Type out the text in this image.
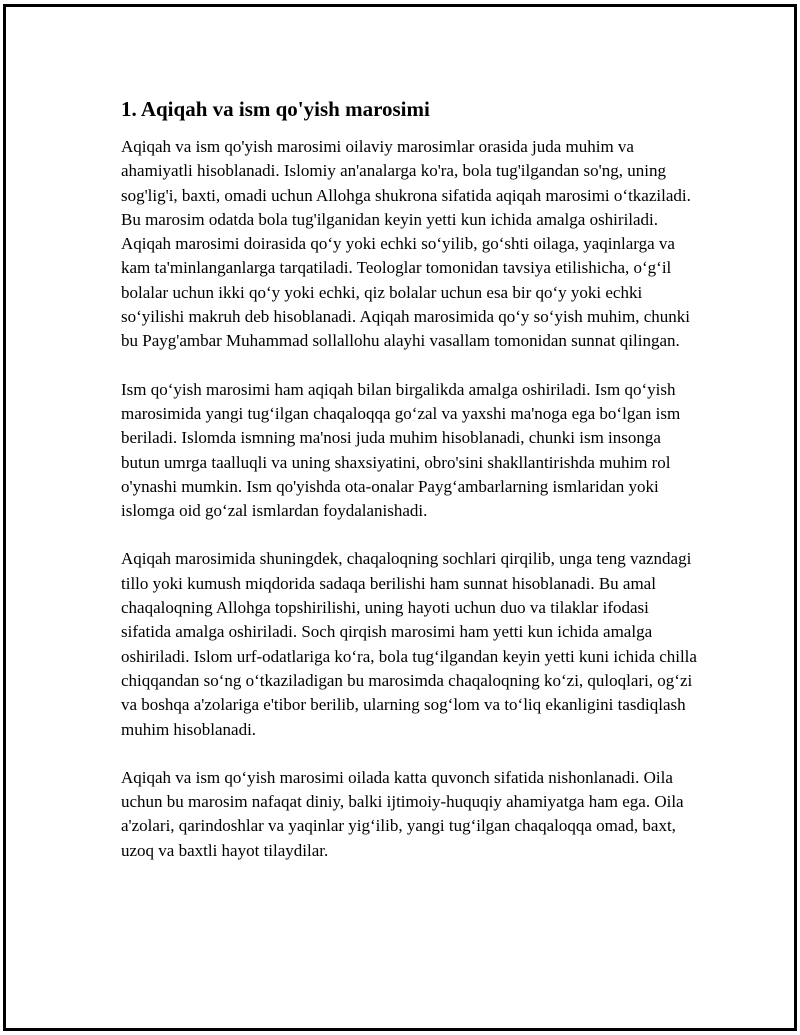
1. Aqiqah va ism qo'yish marosimi

Aqiqah va ism qo'yish marosimi oilaviy marosimlar orasida juda muhim va ahamiyatli hisoblanadi. Islomiy an'analarga ko'ra, bola tug'ilgandan so'ng, uning sog'lig'i, baxti, omadi uchun Allohga shukrona sifatida aqiqah marosimi o‘tkaziladi. Bu marosim odatda bola tug'ilganidan keyin yetti kun ichida amalga oshiriladi. Aqiqah marosimi doirasida qo‘y yoki echki so‘yilib, go‘shti oilaga, yaqinlarga va kam ta'minlanganlarga tarqatiladi. Teologlar tomonidan tavsiya etilishicha, o‘g‘il bolalar uchun ikki qo‘y yoki echki, qiz bolalar uchun esa bir qo‘y yoki echki so‘yilishi makruh deb hisoblanadi. Aqiqah marosimida qo‘y so‘yish muhim, chunki bu Payg'ambar Muhammad sollallohu alayhi vasallam tomonidan sunnat qilingan.

Ism qo‘yish marosimi ham aqiqah bilan birgalikda amalga oshiriladi. Ism qo‘yish marosimida yangi tug‘ilgan chaqaloqqa go‘zal va yaxshi ma'noga ega bo‘lgan ism beriladi. Islomda ismning ma'nosi juda muhim hisoblanadi, chunki ism insonga butun umrga taalluqli va uning shaxsiyatini, obro'sini shakllantirishda muhim rol o'ynashi mumkin. Ism qo'yishda ota-onalar Payg‘ambarlarning ismlaridan yoki islomga oid go‘zal ismlardan foydalanishadi.

Aqiqah marosimida shuningdek, chaqaloqning sochlari qirqilib, unga teng vazndagi tillo yoki kumush miqdorida sadaqa berilishi ham sunnat hisoblanadi. Bu amal chaqaloqning Allohga topshirilishi, uning hayoti uchun duo va tilaklar ifodasi sifatida amalga oshiriladi. Soch qirqish marosimi ham yetti kun ichida amalga oshiriladi. Islom urf-odatlariga ko‘ra, bola tug‘ilgandan keyin yetti kuni ichida chilla chiqqandan so‘ng o‘tkaziladigan bu marosimda chaqaloqning ko‘zi, quloqlari, og‘zi va boshqa a'zolariga e'tibor berilib, ularning sog‘lom va to‘liq ekanligini tasdiqlash muhim hisoblanadi.

Aqiqah va ism qo‘yish marosimi oilada katta quvonch sifatida nishonlanadi. Oila uchun bu marosim nafaqat diniy, balki ijtimoiy-huquqiy ahamiyatga ham ega. Oila a'zolari, qarindoshlar va yaqinlar yig‘ilib, yangi tug‘ilgan chaqaloqqa omad, baxt, uzoq va baxtli hayot tilaydilar.
